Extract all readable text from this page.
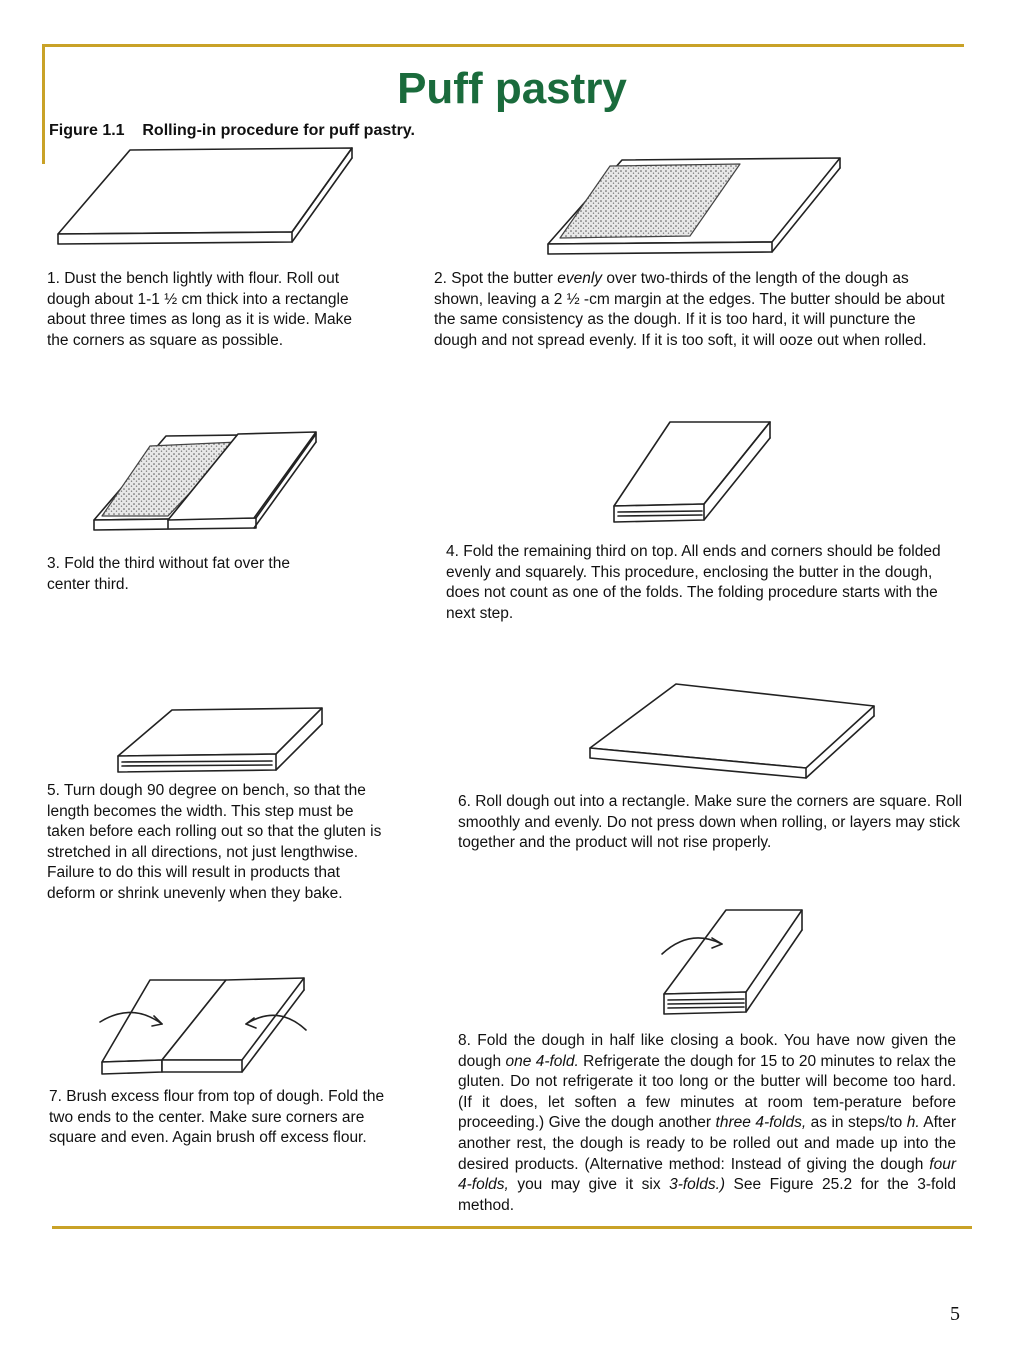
Puff pastry
Figure 1.1    Rolling-in procedure for puff pastry.
1. Dust the bench lightly with flour. Roll out dough about 1-1 ½ cm thick into a rectangle about three times as long as it is wide. Make the corners as square as possible.
2. Spot the butter evenly over two-thirds of the length of the dough as shown, leaving a 2 ½ -cm margin at the edges. The butter should be about the same consistency as the dough. If it is too hard, it will puncture the dough and not spread evenly. If it is too soft, it will ooze out when rolled.
3. Fold the third without fat over the center third.
4. Fold the remaining third on top. All ends and corners should be folded evenly and squarely. This procedure, enclosing the butter in the dough, does not count as one of the folds. The folding procedure starts with the next step.
5. Turn dough 90 degree on bench, so that the length becomes the width. This step must be taken before each rolling out so that the gluten is stretched in all directions, not just lengthwise. Failure to do this will result in products that deform or shrink unevenly when they bake.
6. Roll dough out into a rectangle. Make sure the corners are square. Roll smoothly and evenly. Do not press down when rolling, or layers may stick together and the product will not rise properly.
7. Brush excess flour from top of dough. Fold the two ends to the center. Make sure corners are square and even. Again brush off excess flour.
8. Fold the dough in half like closing a book. You have now given the dough one 4-fold. Refrigerate the dough for 15 to 20 minutes to relax the gluten. Do not refrigerate it too long or the butter will become too hard. (If it does, let soften a few minutes at room tem-perature before proceeding.) Give the dough another three 4-folds, as in steps/to h. After another rest, the dough is ready to be rolled out and made up into the desired products. (Alternative method: Instead of giving the dough four 4-folds, you may give it six 3-folds.) See Figure 25.2 for the 3-fold method.
5
